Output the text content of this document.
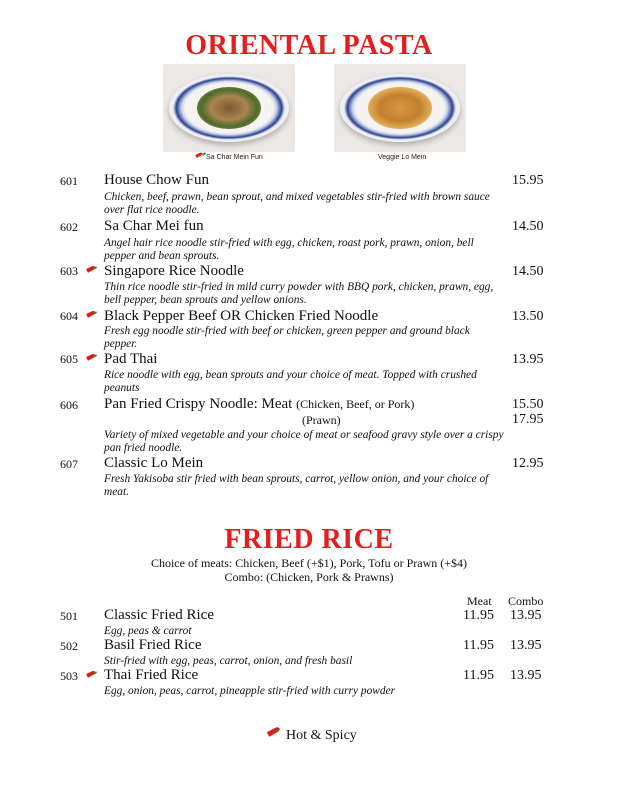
ORIENTAL PASTA
Sa Char Mein Fun	Veggie Lo Mein
601 House Chow Fun	15.95
Chicken, beef, prawn, bean sprout, and mixed vegetables stir-fried with brown sauce over flat rice noodle.
602 Sa Char Mei fun	14.50
Angel hair rice noodle stir-fried with egg, chicken, roast pork, prawn, onion, bell pepper and bean sprouts.
603 Singapore Rice Noodle	14.50
Thin rice noodle stir-fried in mild curry powder with BBQ pork, chicken, prawn, egg, bell pepper, bean sprouts and yellow onions.
604 Black Pepper Beef OR Chicken Fried Noodle	13.50
Fresh egg noodle stir-fried with beef or chicken, green pepper and ground black pepper.
605 Pad Thai	13.95
Rice noodle with egg, bean sprouts and your choice of meat. Topped with crushed peanuts
606 Pan Fried Crispy Noodle: Meat (Chicken, Beef, or Pork)	15.50
(Prawn)	17.95
Variety of mixed vegetable and your choice of meat or seafood gravy style over a crispy pan fried noodle.
607 Classic Lo Mein	12.95
Fresh Yakisoba stir fried with bean sprouts, carrot, yellow onion, and your choice of meat.
FRIED RICE
Choice of meats: Chicken, Beef (+$1), Pork, Tofu or Prawn (+$4)
Combo: (Chicken, Pork & Prawns)
Meat Combo
501 Classic Fried Rice	11.95 13.95
Egg, peas & carrot
502 Basil Fried Rice	11.95 13.95
Stir-fried with egg, peas, carrot, onion, and fresh basil
503 Thai Fried Rice	11.95 13.95
Egg, onion, peas, carrot, pineapple stir-fried with curry powder
Hot & Spicy
